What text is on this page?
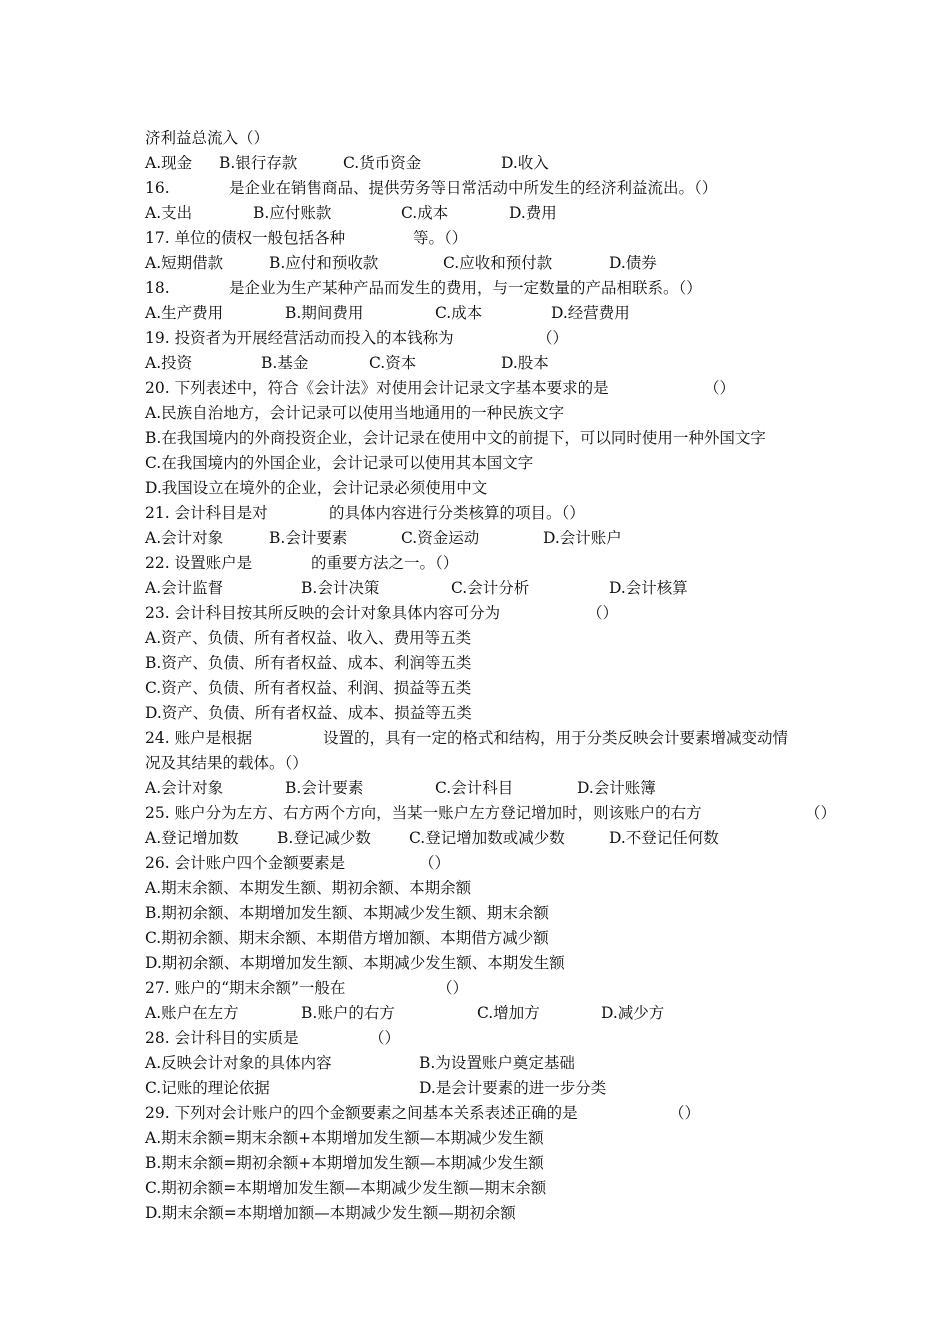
济利益总流入（）
A.现金 B.银行存款	C.货币资金	D.收入
16.	是企业在销售商品、提供劳务等日常活动中所发生的经济利益流出。（）
A.支出	B.应付账款	C.成本	D.费用
17. 单位的债权一般包括各种	等。（）
A.短期借款	B.应付和预收款	C.应收和预付款	D.债券
18.	是企业为生产某种产品而发生的费用，与一定数量的产品相联系。（）
A.生产费用	B.期间费用	C.成本	D.经营费用
19. 投资者为开展经营活动而投入的本钱称为	（）
A.投资	B.基金	C.资本	D.股本
20. 下列表述中，符合《会计法》对使用会计记录文字基本要求的是	（）
A.民族自治地方，会计记录可以使用当地通用的一种民族文字
B.在我国境内的外商投资企业，会计记录在使用中文的前提下，可以同时使用一种外国文字
C.在我国境内的外国企业，会计记录可以使用其本国文字
D.我国设立在境外的企业，会计记录必须使用中文
21. 会计科目是对	的具体内容进行分类核算的项目。（）
A.会计对象	B.会计要素	C.资金运动	D.会计账户
22. 设置账户是	的重要方法之一。（）
A.会计监督	B.会计决策	C.会计分析	D.会计核算
23. 会计科目按其所反映的会计对象具体内容可分为	（）
A.资产、负债、所有者权益、收入、费用等五类
B.资产、负债、所有者权益、成本、利润等五类
C.资产、负债、所有者权益、利润、损益等五类
D.资产、负债、所有者权益、成本、损益等五类
24. 账户是根据	设置的，具有一定的格式和结构，用于分类反映会计要素增减变动情
况及其结果的载体。（）
A.会计对象	B.会计要素	C.会计科目	D.会计账簿
25. 账户分为左方、右方两个方向，当某一账户左方登记增加时，则该账户的右方	（）
A.登记增加数 B.登记减少数 C.登记增加数或减少数	D.不登记任何数
26. 会计账户四个金额要素是	（）
A.期末余额、本期发生额、期初余额、本期余额
B.期初余额、本期增加发生额、本期减少发生额、期末余额
C.期初余额、期末余额、本期借方增加额、本期借方减少额
D.期初余额、本期增加发生额、本期减少发生额、本期发生额
27. 账户的“期末余额”一般在	（）
A.账户在左方	B.账户的右方	C.增加方	D.减少方
28. 会计科目的实质是	（）
A.反映会计对象的具体内容	B.为设置账户奠定基础
C.记账的理论依据	D.是会计要素的进一步分类
29. 下列对会计账户的四个金额要素之间基本关系表述正确的是	（）
A.期末余额=期末余额+本期增加发生额—本期减少发生额
B.期末余额=期初余额+本期增加发生额—本期减少发生额
C.期初余额=本期增加发生额—本期减少发生额—期末余额
D.期末余额=本期增加额—本期减少发生额—期初余额
